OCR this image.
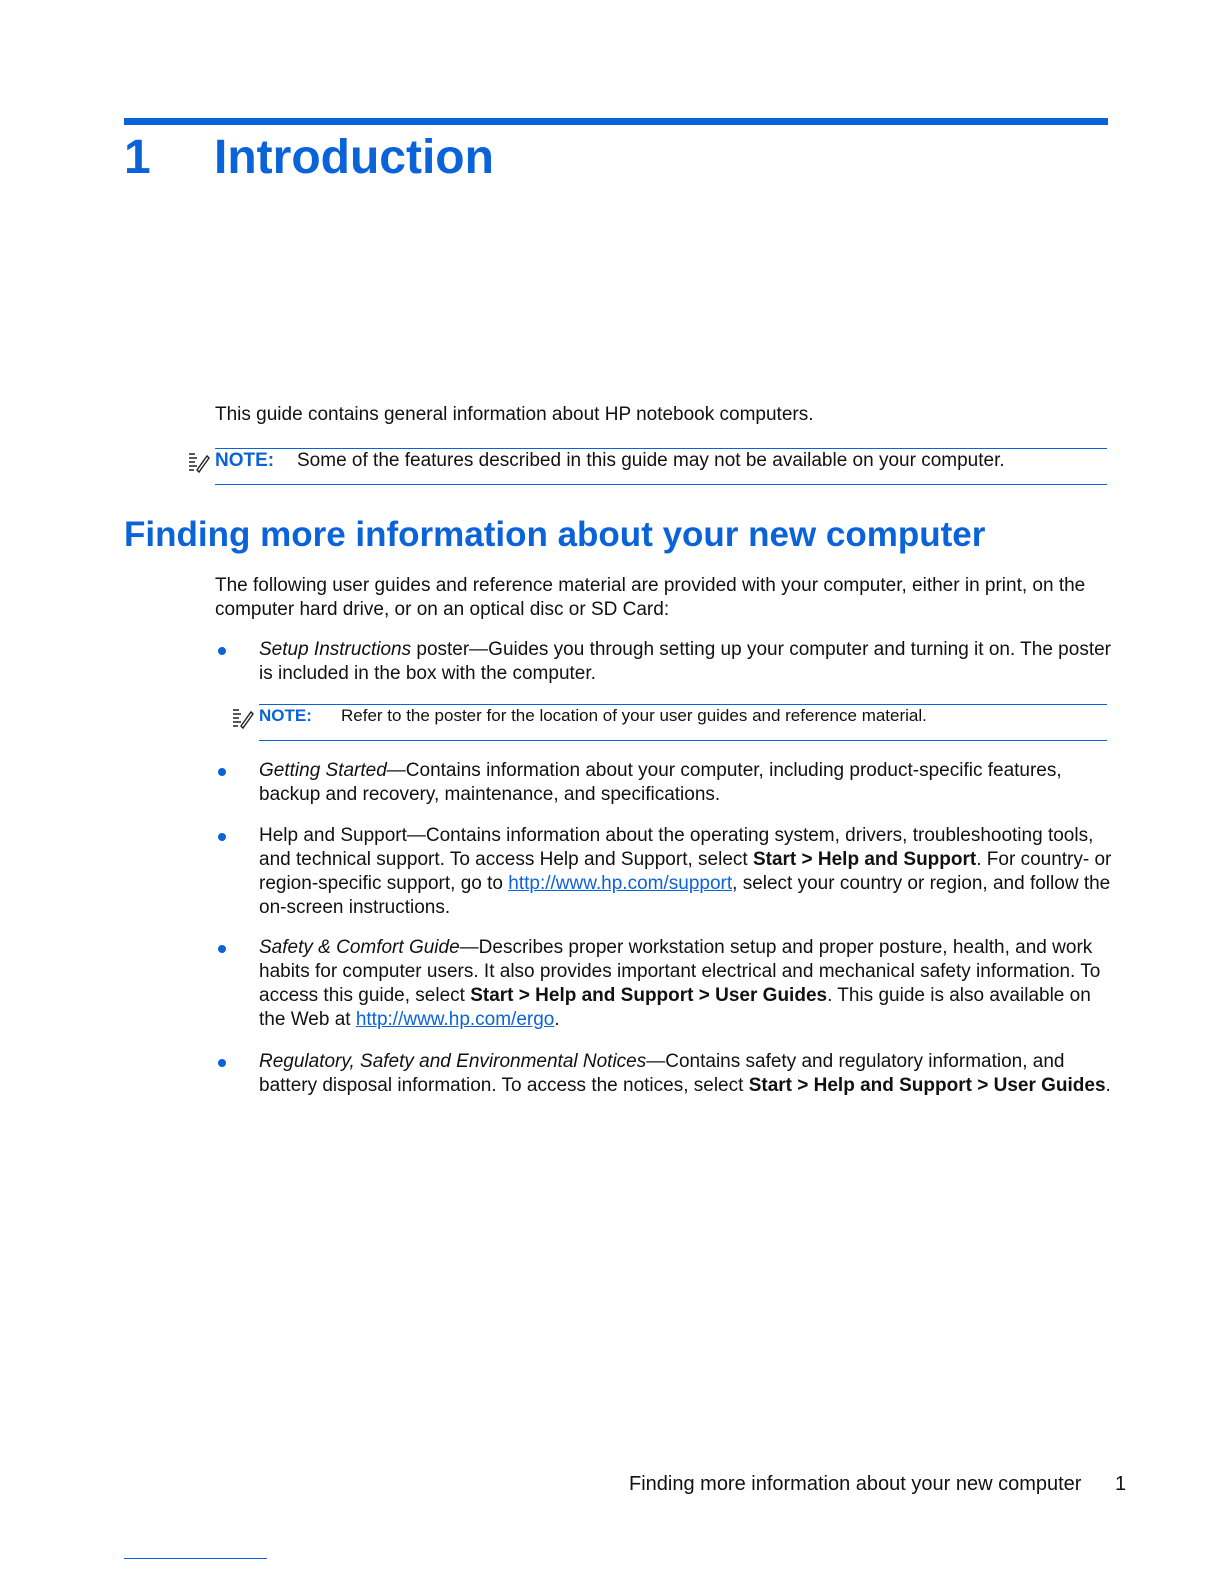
1 Introduction
This guide contains general information about HP notebook computers.
NOTE: Some of the features described in this guide may not be available on your computer.
Finding more information about your new computer
The following user guides and reference material are provided with your computer, either in print, on the computer hard drive, or on an optical disc or SD Card:
Setup Instructions poster—Guides you through setting up your computer and turning it on. The poster is included in the box with the computer.
NOTE: Refer to the poster for the location of your user guides and reference material.
Getting Started—Contains information about your computer, including product-specific features, backup and recovery, maintenance, and specifications.
Help and Support—Contains information about the operating system, drivers, troubleshooting tools, and technical support. To access Help and Support, select Start > Help and Support. For country- or region-specific support, go to http://www.hp.com/support, select your country or region, and follow the on-screen instructions.
Safety & Comfort Guide—Describes proper workstation setup and proper posture, health, and work habits for computer users. It also provides important electrical and mechanical safety information. To access this guide, select Start > Help and Support > User Guides. This guide is also available on the Web at http://www.hp.com/ergo.
Regulatory, Safety and Environmental Notices—Contains safety and regulatory information, and battery disposal information. To access the notices, select Start > Help and Support > User Guides.
Finding more information about your new computer 1
